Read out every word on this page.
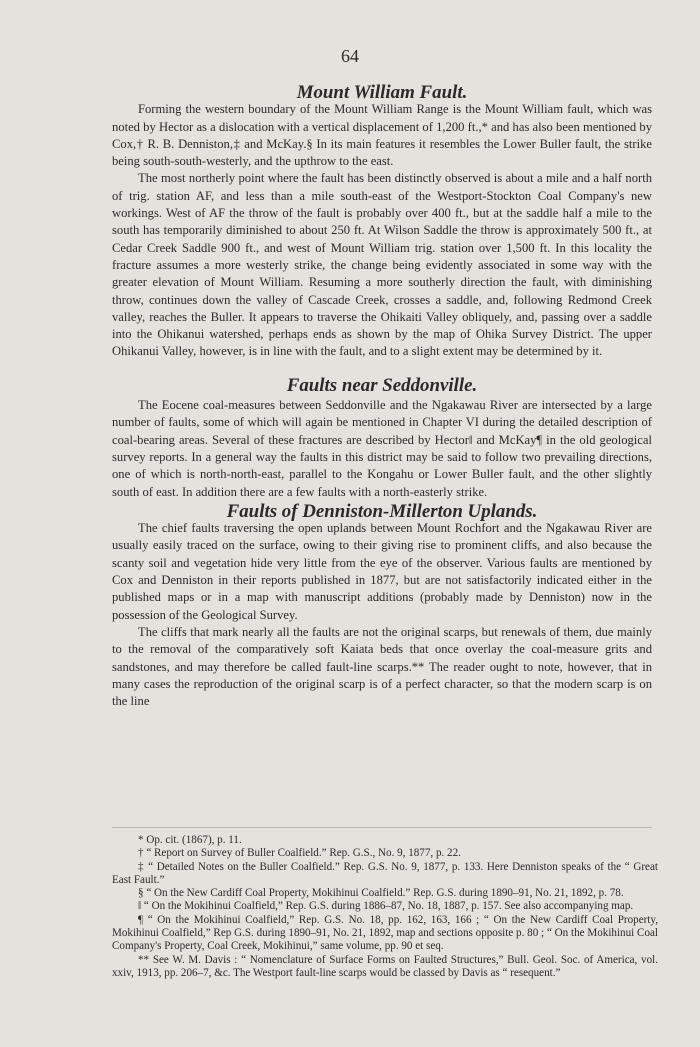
64
Mount William Fault.

Forming the western boundary of the Mount William Range is the Mount William fault, which was noted by Hector as a dislocation with a vertical displacement of 1,200 ft.,* and has also been mentioned by Cox,† R. B. Denniston,‡ and McKay.§ In its main features it resembles the Lower Buller fault, the strike being south-south-westerly, and the upthrow to the east.

The most northerly point where the fault has been distinctly observed is about a mile and a half north of trig. station AF, and less than a mile south-east of the Westport-Stockton Coal Company's new workings. West of AF the throw of the fault is probably over 400 ft., but at the saddle half a mile to the south has temporarily diminished to about 250 ft. At Wilson Saddle the throw is approximately 500 ft., at Cedar Creek Saddle 900 ft., and west of Mount William trig. station over 1,500 ft. In this locality the fracture assumes a more westerly strike, the change being evidently associated in some way with the greater elevation of Mount William. Resuming a more southerly direction the fault, with diminishing throw, continues down the valley of Cascade Creek, crosses a saddle, and, following Redmond Creek valley, reaches the Buller. It appears to traverse the Ohikaiti Valley obliquely, and, passing over a saddle into the Ohikanui watershed, perhaps ends as shown by the map of Ohika Survey District. The upper Ohikanui Valley, however, is in line with the fault, and to a slight extent may be determined by it.

Faults near Seddonville.

The Eocene coal-measures between Seddonville and the Ngakawau River are intersected by a large number of faults, some of which will again be mentioned in Chapter VI during the detailed description of coal-bearing areas. Several of these fractures are described by Hector‖ and McKay¶ in the old geological survey reports. In a general way the faults in this district may be said to follow two prevailing directions, one of which is north-north-east, parallel to the Kongahu or Lower Buller fault, and the other slightly south of east. In addition there are a few faults with a north-easterly strike.

Faults of Denniston-Millerton Uplands.

The chief faults traversing the open uplands between Mount Rochfort and the Ngakawau River are usually easily traced on the surface, owing to their giving rise to prominent cliffs, and also because the scanty soil and vegetation hide very little from the eye of the observer. Various faults are mentioned by Cox and Denniston in their reports published in 1877, but are not satisfactorily indicated either in the published maps or in a map with manuscript additions (probably made by Denniston) now in the possession of the Geological Survey.

The cliffs that mark nearly all the faults are not the original scarps, but renewals of them, due mainly to the removal of the comparatively soft Kaiata beds that once overlay the coal-measure grits and sandstones, and may therefore be called fault-line scarps.** The reader ought to note, however, that in many cases the reproduction of the original scarp is of a perfect character, so that the modern scarp is on the line

* Op. cit. (1867), p. 11.

† “ Report on Survey of Buller Coalfield.” Rep. G.S., No. 9, 1877, p. 22.

‡ “ Detailed Notes on the Buller Coalfield.” Rep. G.S. No. 9, 1877, p. 133. Here Denniston speaks of the “ Great East Fault.”

§ “ On the New Cardiff Coal Property, Mokihinui Coalfield.” Rep. G.S. during 1890–91, No. 21, 1892, p. 78.

‖ “ On the Mokihinui Coalfield,” Rep. G.S. during 1886–87, No. 18, 1887, p. 157. See also accompanying map.

¶ “ On the Mokihinui Coalfield,” Rep. G.S. No. 18, pp. 162, 163, 166 ; “ On the New Cardiff Coal Property, Mokihinui Coalfield,” Rep G.S. during 1890–91, No. 21, 1892, map and sections opposite p. 80 ; “ On the Mokihinui Coal Company's Property, Coal Creek, Mokihinui,” same volume, pp. 90 et seq.

** See W. M. Davis : “ Nomenclature of Surface Forms on Faulted Structures,” Bull. Geol. Soc. of America, vol. xxiv, 1913, pp. 206–7, &c. The Westport fault-line scarps would be classed by Davis as “ resequent.”
